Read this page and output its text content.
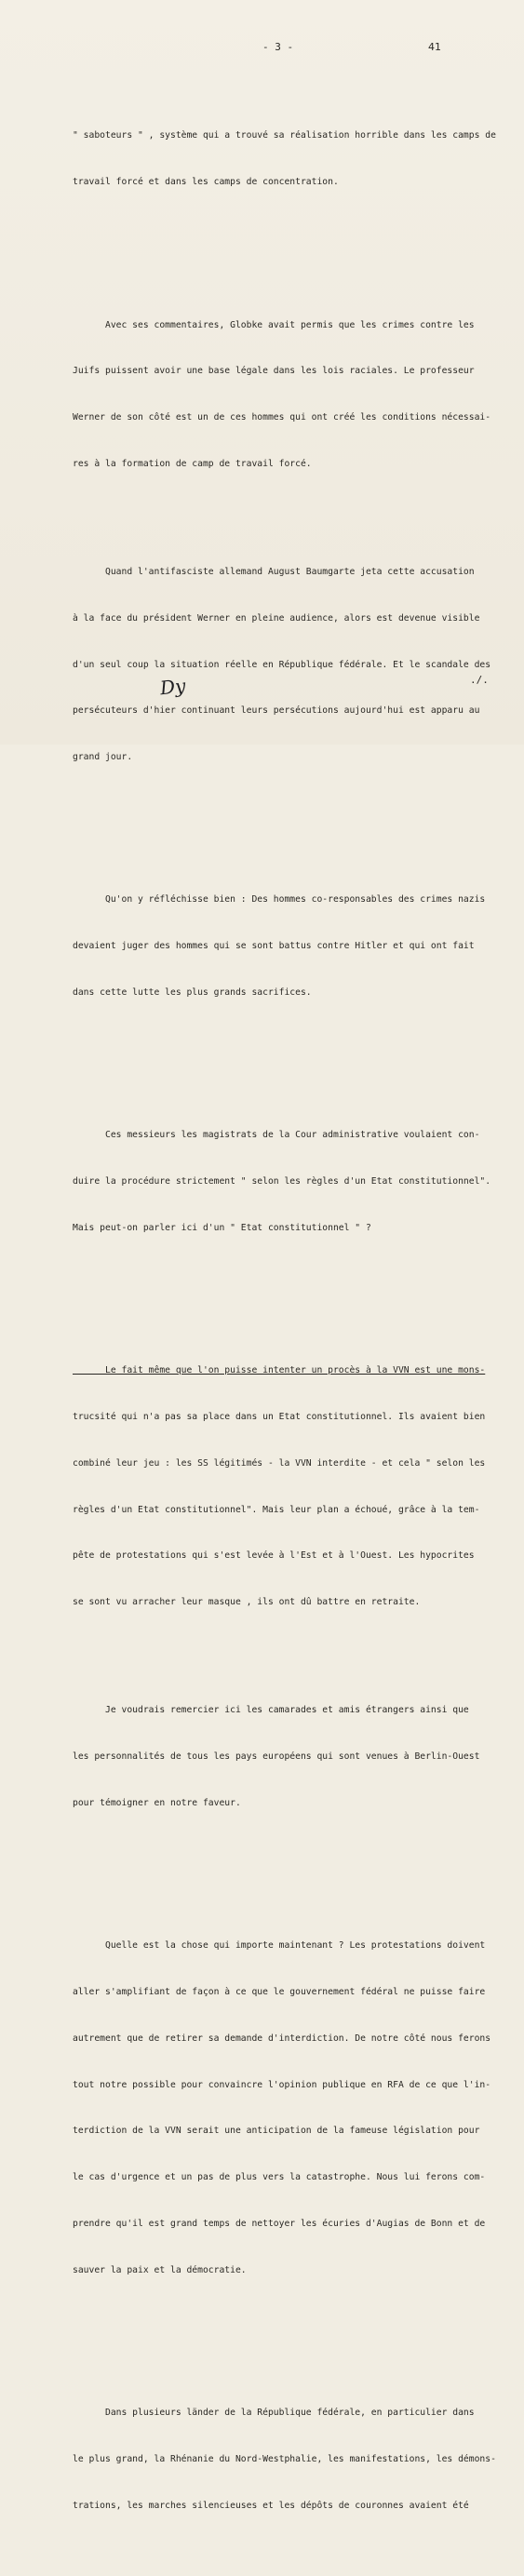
- 3 -	41

" saboteurs " , système qui a trouvé sa réalisation horrible dans les camps de

travail forcé et dans les camps de concentration.

Avec ses commentaires, Globke avait permis que les crimes contre les

Juifs puissent avoir une base légale dans les lois raciales. Le professeur

Werner de son côté est un de ces hommes qui ont créé les conditions nécessai-

res à la formation de camp de travail forcé.

Quand l'antifasciste allemand August Baumgarte jeta cette accusation

à la face du président Werner en pleine audience, alors est devenue visible

d'un seul coup la situation réelle en République fédérale. Et le scandale des

persécuteurs d'hier continuant leurs persécutions aujourd'hui est apparu au

grand jour.

Qu'on y réfléchisse bien : Des hommes co-responsables des crimes nazis

devaient juger des hommes qui se sont battus contre Hitler et qui ont fait

dans cette lutte les plus grands sacrifices.

Ces messieurs les magistrats de la Cour administrative voulaient con-

duire la procédure strictement " selon les règles d'un Etat constitutionnel".

Mais peut-on parler ici d'un " Etat constitutionnel " ?

Le fait même que l'on puisse intenter un procès à la VVN est une mons-

trucsité qui n'a pas sa place dans un Etat constitutionnel. Ils avaient bien

combiné leur jeu : les SS légitimés - la VVN interdite - et cela " selon les

règles d'un Etat constitutionnel". Mais leur plan a échoué, grâce à la tem-

pête de protestations qui s'est levée à l'Est et à l'Ouest. Les hypocrites

se sont vu arracher leur masque , ils ont dû battre en retraite.

Je voudrais remercier ici les camarades et amis étrangers ainsi que

les personnalités de tous les pays européens qui sont venues à Berlin-Ouest

pour témoigner en notre faveur.

Quelle est la chose qui importe maintenant ? Les protestations doivent

aller s'amplifiant de façon à ce que le gouvernement fédéral ne puisse faire

autrement que de retirer sa demande d'interdiction. De notre côté nous ferons

tout notre possible pour convaincre l'opinion publique en RFA de ce que l'in-

terdiction de la VVN serait une anticipation de la fameuse législation pour

le cas d'urgence et un pas de plus vers la catastrophe. Nous lui ferons com-

prendre qu'il est grand temps de nettoyer les écuries d'Augias de Bonn et de

sauver la paix et la démocratie.

Dans plusieurs länder de la République fédérale, en particulier dans

le plus grand, la Rhénanie du Nord-Westphalie, les manifestations, les démons-

trations, les marches silencieuses et les dépôts de couronnes avaient été

Dy	./.
